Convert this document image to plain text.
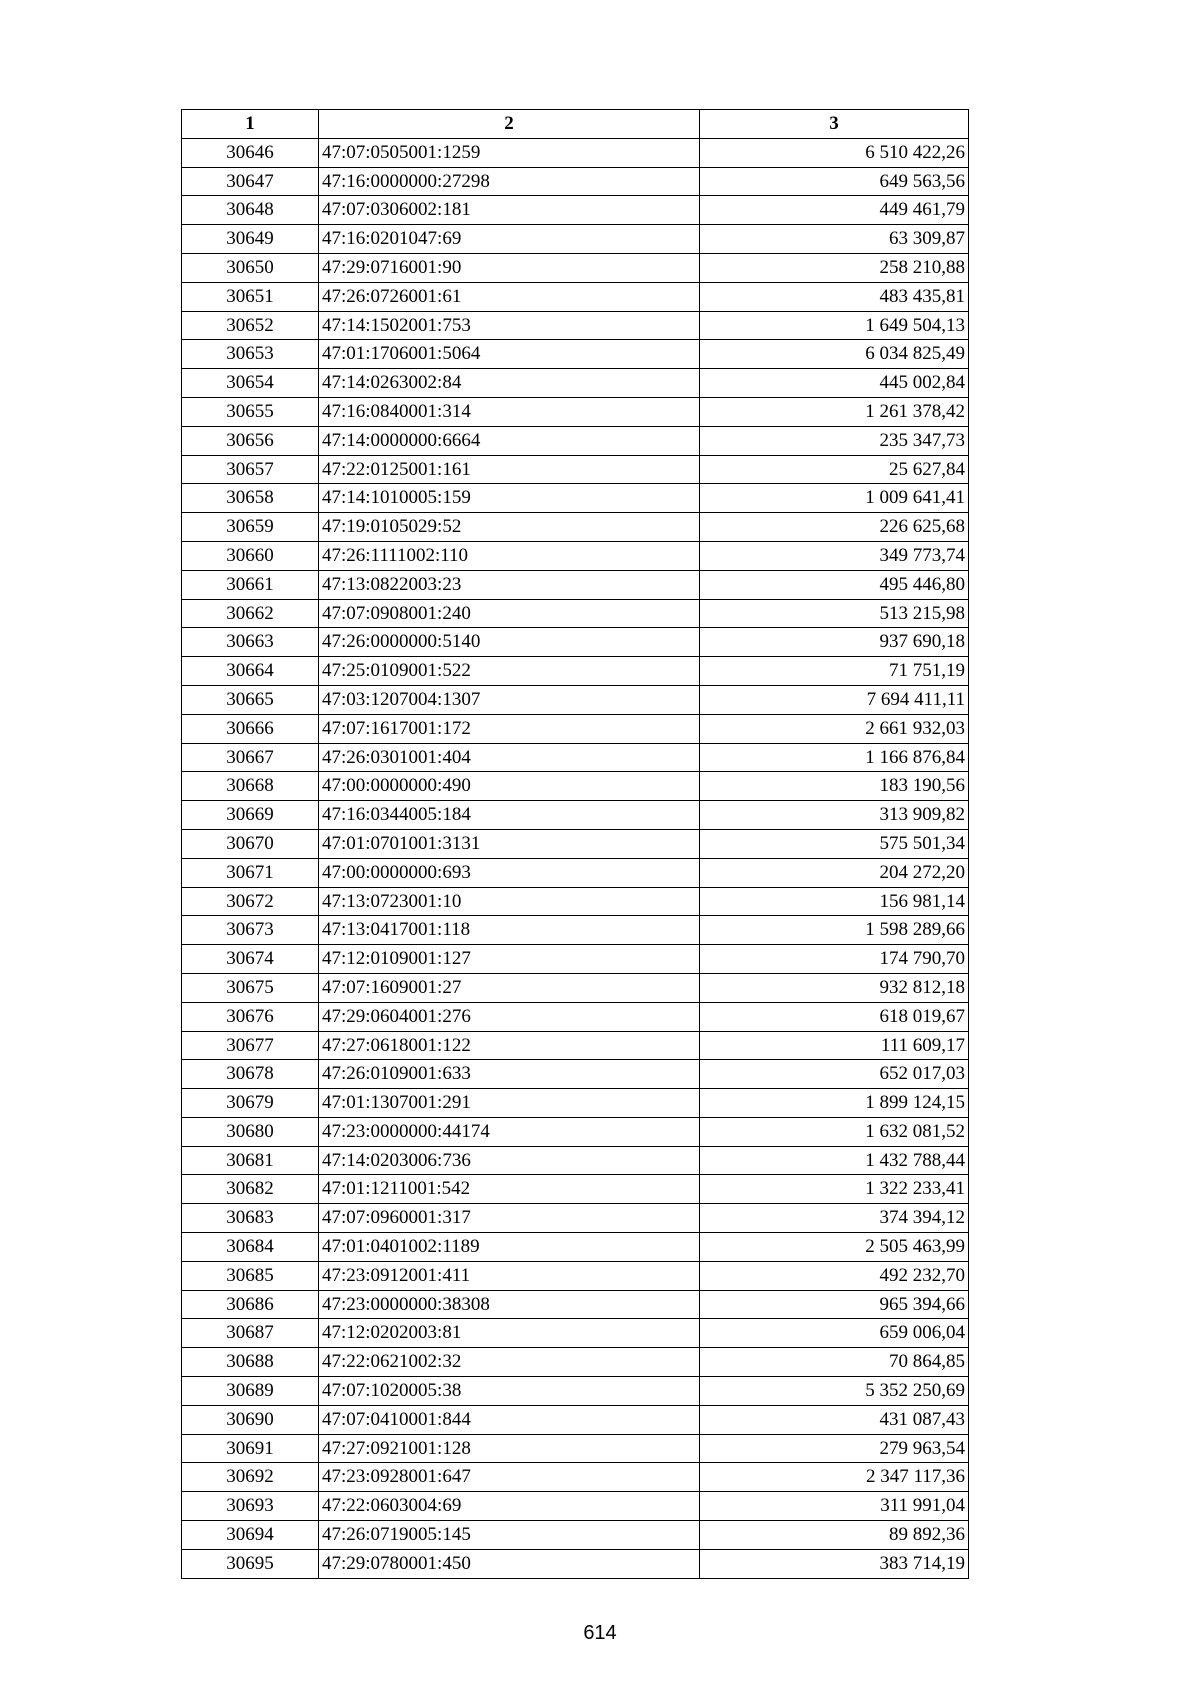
1	2	3
30646	47:07:0505001:1259	6 510 422,26
30647	47:16:0000000:27298	649 563,56
30648	47:07:0306002:181	449 461,79
30649	47:16:0201047:69	63 309,87
30650	47:29:0716001:90	258 210,88
30651	47:26:0726001:61	483 435,81
30652	47:14:1502001:753	1 649 504,13
30653	47:01:1706001:5064	6 034 825,49
30654	47:14:0263002:84	445 002,84
30655	47:16:0840001:314	1 261 378,42
30656	47:14:0000000:6664	235 347,73
30657	47:22:0125001:161	25 627,84
30658	47:14:1010005:159	1 009 641,41
30659	47:19:0105029:52	226 625,68
30660	47:26:1111002:110	349 773,74
30661	47:13:0822003:23	495 446,80
30662	47:07:0908001:240	513 215,98
30663	47:26:0000000:5140	937 690,18
30664	47:25:0109001:522	71 751,19
30665	47:03:1207004:1307	7 694 411,11
30666	47:07:1617001:172	2 661 932,03
30667	47:26:0301001:404	1 166 876,84
30668	47:00:0000000:490	183 190,56
30669	47:16:0344005:184	313 909,82
30670	47:01:0701001:3131	575 501,34
30671	47:00:0000000:693	204 272,20
30672	47:13:0723001:10	156 981,14
30673	47:13:0417001:118	1 598 289,66
30674	47:12:0109001:127	174 790,70
30675	47:07:1609001:27	932 812,18
30676	47:29:0604001:276	618 019,67
30677	47:27:0618001:122	111 609,17
30678	47:26:0109001:633	652 017,03
30679	47:01:1307001:291	1 899 124,15
30680	47:23:0000000:44174	1 632 081,52
30681	47:14:0203006:736	1 432 788,44
30682	47:01:1211001:542	1 322 233,41
30683	47:07:0960001:317	374 394,12
30684	47:01:0401002:1189	2 505 463,99
30685	47:23:0912001:411	492 232,70
30686	47:23:0000000:38308	965 394,66
30687	47:12:0202003:81	659 006,04
30688	47:22:0621002:32	70 864,85
30689	47:07:1020005:38	5 352 250,69
30690	47:07:0410001:844	431 087,43
30691	47:27:0921001:128	279 963,54
30692	47:23:0928001:647	2 347 117,36
30693	47:22:0603004:69	311 991,04
30694	47:26:0719005:145	89 892,36
30695	47:29:0780001:450	383 714,19
614
